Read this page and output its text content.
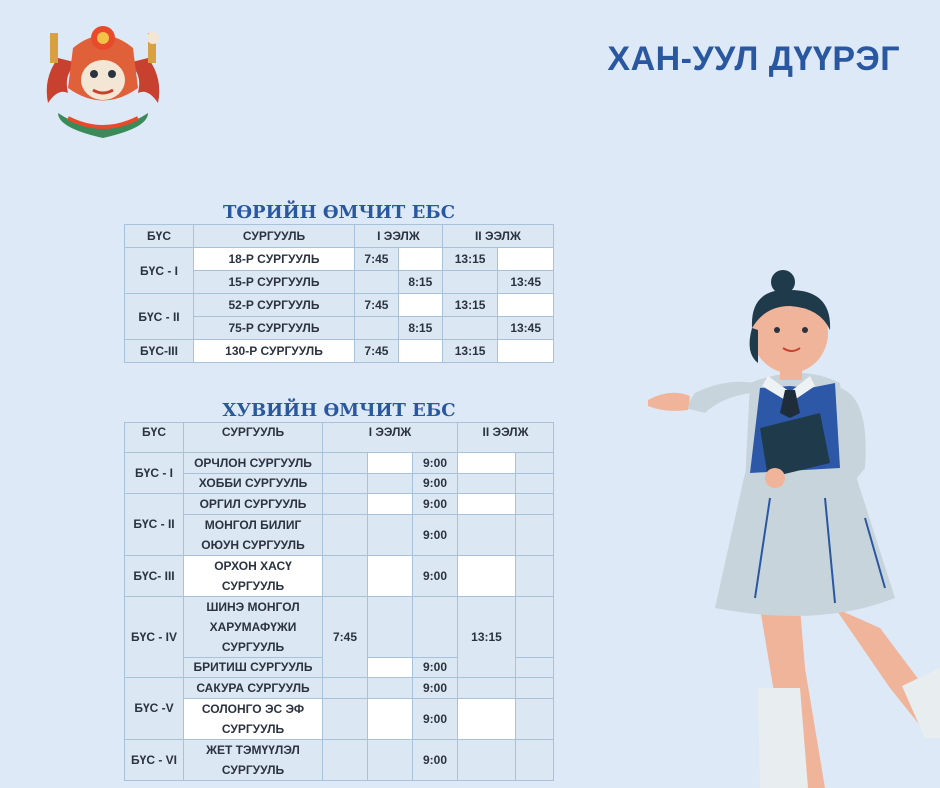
ХАН-УУЛ ДҮҮРЭГ
ТӨРИЙН ӨМЧИТ ЕБС
БҮС	СУРГУУЛЬ	I ЭЭЛЖ		II ЭЭЛЖ	
БҮС - I	18-Р СУРГУУЛЬ	7:45		13:15	
	15-Р СУРГУУЛЬ		8:15		13:45
БҮС - II	52-Р СУРГУУЛЬ	7:45		13:15	
	75-Р СУРГУУЛЬ		8:15		13:45
БҮС-III	130-Р СУРГУУЛЬ	7:45		13:15	
ХУВИЙН ӨМЧИТ ЕБС
БҮС	СУРГУУЛЬ	I ЭЭЛЖ			II ЭЭЛЖ	
БҮС - I	ОРЧЛОН СУРГУУЛЬ			9:00		
	ХОББИ СУРГУУЛЬ			9:00		
БҮС - II	ОРГИЛ СУРГУУЛЬ			9:00		
	МОНГОЛ БИЛИГ
ОЮУН СУРГУУЛЬ			9:00		
БҮС- III	ОРХОН ХАСҮ
СУРГУУЛЬ			9:00		
БҮС - IV	ШИНЭ МОНГОЛ
ХАРУМАФҮЖИ
СУРГУУЛЬ	7:45			13:15	
	БРИТИШ СУРГУУЛЬ			9:00		
БҮС -V	САКУРА СУРГУУЛЬ			9:00		
	СОЛОНГО ЭС ЭФ
СУРГУУЛЬ			9:00		
БҮС - VI	ЖЕТ ТЭМҮҮЛЭЛ
СУРГУУЛЬ			9:00		
